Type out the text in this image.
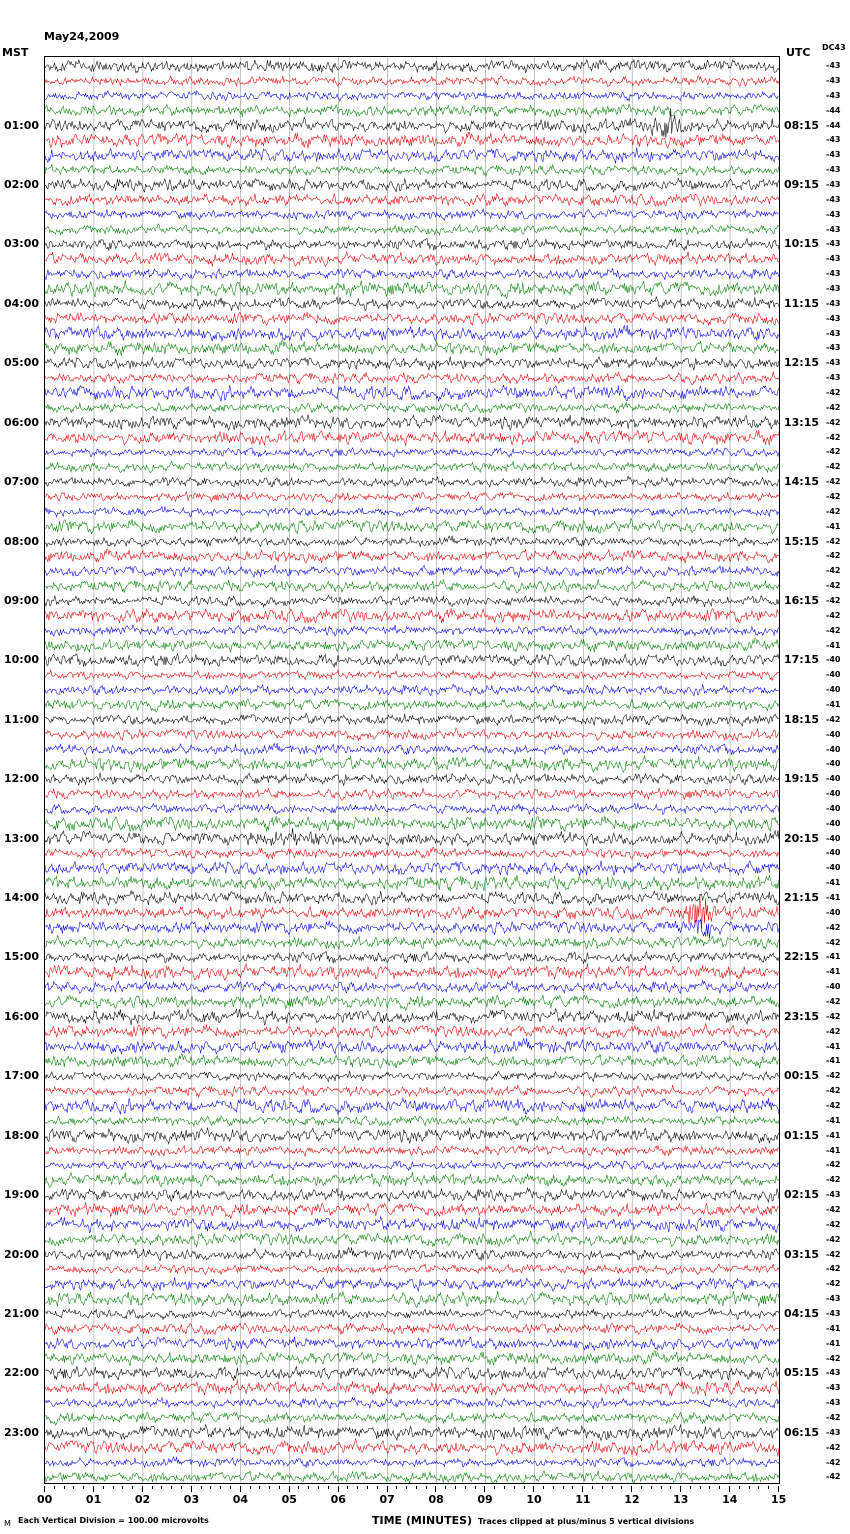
May24,2009

MST	UTC DC43
00	01	02	03	04	05	06	07	08	09	10	11	12	13	14	15
M Each Vertical Division = 100.00 microvolts	TIME (MINUTES) Traces clipped at plus/minus 5 vertical divisions
01:00
02:00
03:00
04:00
05:00
06:00
07:00
08:00
09:00
10:00
11:00
12:00
13:00
14:00
15:00
16:00
17:00
18:00
19:00
20:00
21:00
22:00
23:00
08:15
09:15
10:15
11:15
12:15
13:15
14:15
15:15
16:15
17:15
18:15
19:15
20:15
21:15
22:15
23:15
00:15
01:15
02:15
03:15
04:15
05:15
06:15
-43
-43
-43
-44
-44
-43
-43
-43
-43
-43
-43
-43
-43
-43
-43
-43
-43
-43
-43
-43
-43
-43
-42
-42
-42
-42
-42
-42
-42
-42
-42
-41
-42
-42
-42
-42
-42
-42
-42
-41
-40
-40
-40
-41
-42
-40
-40
-40
-40
-40
-40
-40
-40
-40
-40
-41
-41
-40
-42
-42
-41
-41
-40
-42
-42
-42
-41
-41
-42
-42
-42
-41
-41
-41
-42
-42
-43
-42
-42
-42
-42
-42
-42
-43
-43
-41
-41
-42
-43
-43
-43
-42
-43
-42
-42
-42
